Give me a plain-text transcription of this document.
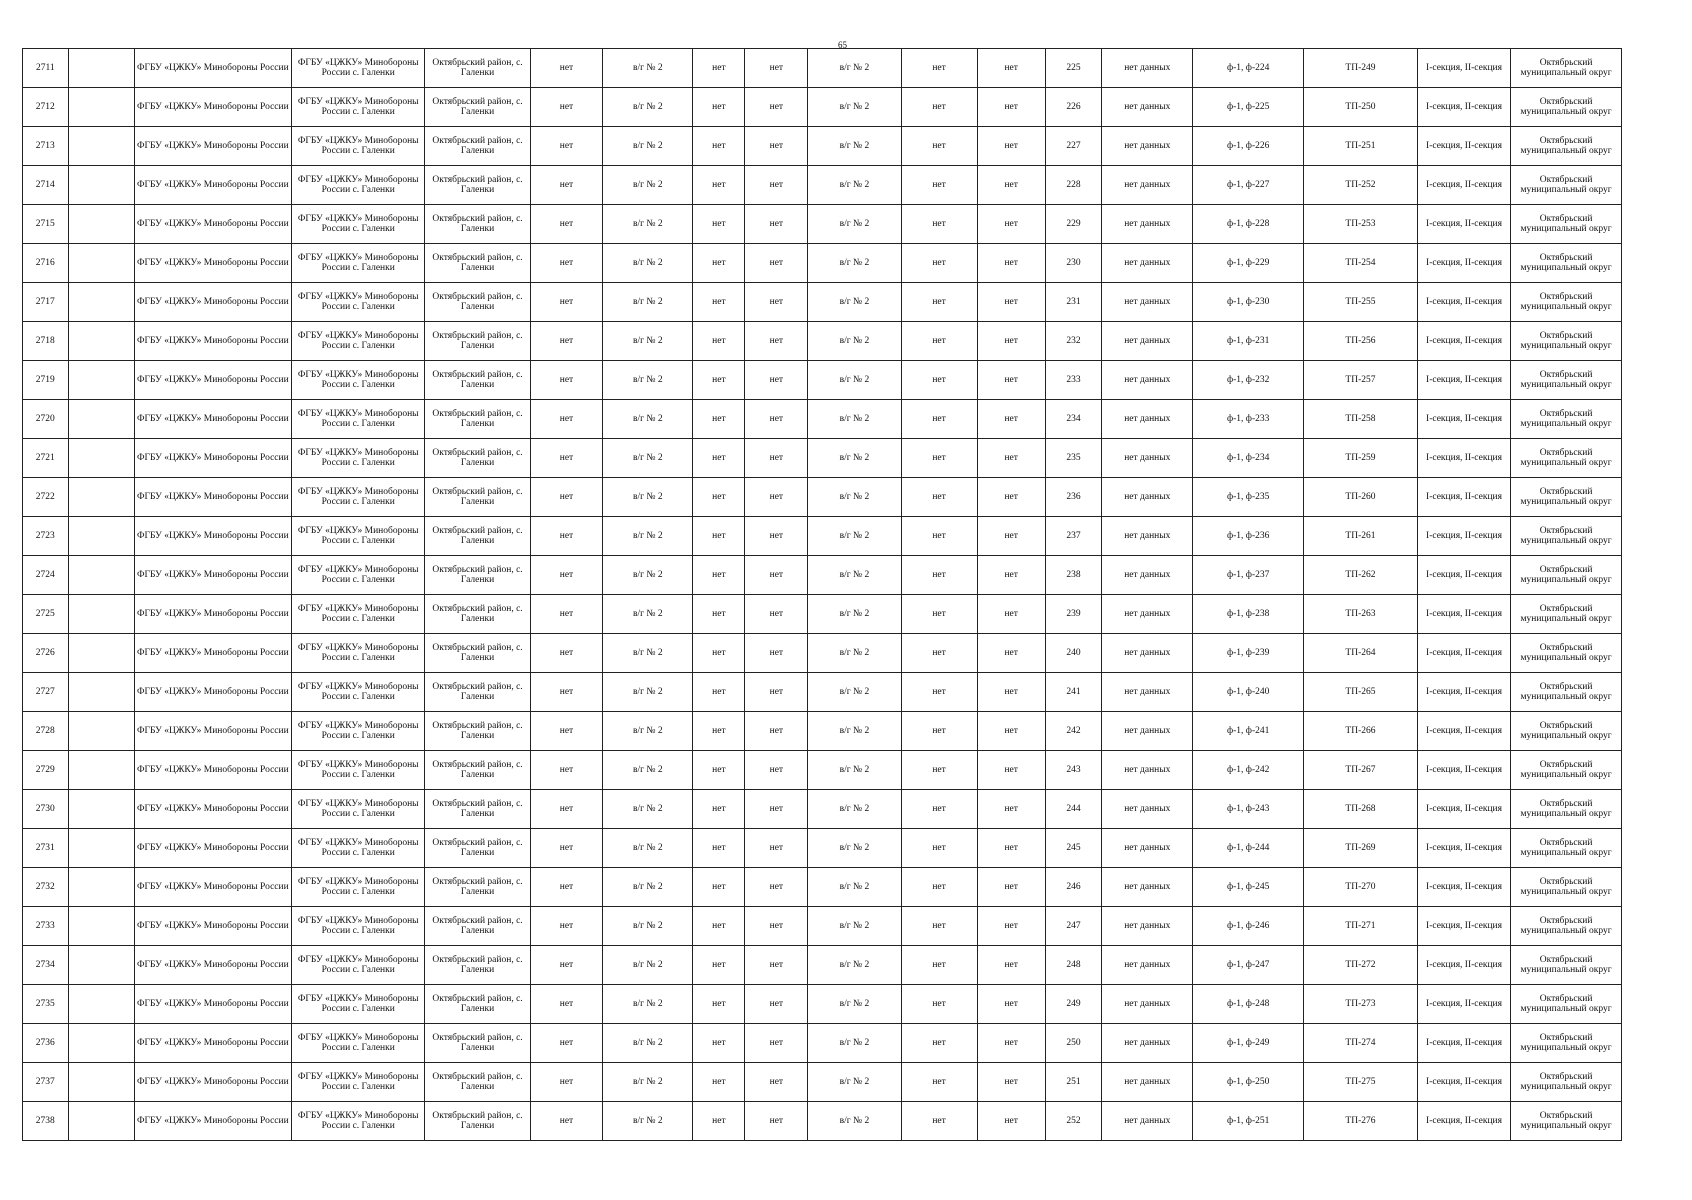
65
2711		ФГБУ «ЦЖКУ» Минобороны России	ФГБУ «ЦЖКУ» Минобороны России с. Галенки	Октябрьский район, с. Галенки	нет	в/г № 2	нет	нет	в/г № 2	нет	нет	225	нет данных	ф-1, ф-224	ТП-249	I-секция, II-секция	Октябрьский муниципальный округ
2712		ФГБУ «ЦЖКУ» Минобороны России	ФГБУ «ЦЖКУ» Минобороны России с. Галенки	Октябрьский район, с. Галенки	нет	в/г № 2	нет	нет	в/г № 2	нет	нет	226	нет данных	ф-1, ф-225	ТП-250	I-секция, II-секция	Октябрьский муниципальный округ
2713		ФГБУ «ЦЖКУ» Минобороны России	ФГБУ «ЦЖКУ» Минобороны России с. Галенки	Октябрьский район, с. Галенки	нет	в/г № 2	нет	нет	в/г № 2	нет	нет	227	нет данных	ф-1, ф-226	ТП-251	I-секция, II-секция	Октябрьский муниципальный округ
2714		ФГБУ «ЦЖКУ» Минобороны России	ФГБУ «ЦЖКУ» Минобороны России с. Галенки	Октябрьский район, с. Галенки	нет	в/г № 2	нет	нет	в/г № 2	нет	нет	228	нет данных	ф-1, ф-227	ТП-252	I-секция, II-секция	Октябрьский муниципальный округ
2715		ФГБУ «ЦЖКУ» Минобороны России	ФГБУ «ЦЖКУ» Минобороны России с. Галенки	Октябрьский район, с. Галенки	нет	в/г № 2	нет	нет	в/г № 2	нет	нет	229	нет данных	ф-1, ф-228	ТП-253	I-секция, II-секция	Октябрьский муниципальный округ
2716		ФГБУ «ЦЖКУ» Минобороны России	ФГБУ «ЦЖКУ» Минобороны России с. Галенки	Октябрьский район, с. Галенки	нет	в/г № 2	нет	нет	в/г № 2	нет	нет	230	нет данных	ф-1, ф-229	ТП-254	I-секция, II-секция	Октябрьский муниципальный округ
2717		ФГБУ «ЦЖКУ» Минобороны России	ФГБУ «ЦЖКУ» Минобороны России с. Галенки	Октябрьский район, с. Галенки	нет	в/г № 2	нет	нет	в/г № 2	нет	нет	231	нет данных	ф-1, ф-230	ТП-255	I-секция, II-секция	Октябрьский муниципальный округ
2718		ФГБУ «ЦЖКУ» Минобороны России	ФГБУ «ЦЖКУ» Минобороны России с. Галенки	Октябрьский район, с. Галенки	нет	в/г № 2	нет	нет	в/г № 2	нет	нет	232	нет данных	ф-1, ф-231	ТП-256	I-секция, II-секция	Октябрьский муниципальный округ
2719		ФГБУ «ЦЖКУ» Минобороны России	ФГБУ «ЦЖКУ» Минобороны России с. Галенки	Октябрьский район, с. Галенки	нет	в/г № 2	нет	нет	в/г № 2	нет	нет	233	нет данных	ф-1, ф-232	ТП-257	I-секция, II-секция	Октябрьский муниципальный округ
2720		ФГБУ «ЦЖКУ» Минобороны России	ФГБУ «ЦЖКУ» Минобороны России с. Галенки	Октябрьский район, с. Галенки	нет	в/г № 2	нет	нет	в/г № 2	нет	нет	234	нет данных	ф-1, ф-233	ТП-258	I-секция, II-секция	Октябрьский муниципальный округ
2721		ФГБУ «ЦЖКУ» Минобороны России	ФГБУ «ЦЖКУ» Минобороны России с. Галенки	Октябрьский район, с. Галенки	нет	в/г № 2	нет	нет	в/г № 2	нет	нет	235	нет данных	ф-1, ф-234	ТП-259	I-секция, II-секция	Октябрьский муниципальный округ
2722		ФГБУ «ЦЖКУ» Минобороны России	ФГБУ «ЦЖКУ» Минобороны России с. Галенки	Октябрьский район, с. Галенки	нет	в/г № 2	нет	нет	в/г № 2	нет	нет	236	нет данных	ф-1, ф-235	ТП-260	I-секция, II-секция	Октябрьский муниципальный округ
2723		ФГБУ «ЦЖКУ» Минобороны России	ФГБУ «ЦЖКУ» Минобороны России с. Галенки	Октябрьский район, с. Галенки	нет	в/г № 2	нет	нет	в/г № 2	нет	нет	237	нет данных	ф-1, ф-236	ТП-261	I-секция, II-секция	Октябрьский муниципальный округ
2724		ФГБУ «ЦЖКУ» Минобороны России	ФГБУ «ЦЖКУ» Минобороны России с. Галенки	Октябрьский район, с. Галенки	нет	в/г № 2	нет	нет	в/г № 2	нет	нет	238	нет данных	ф-1, ф-237	ТП-262	I-секция, II-секция	Октябрьский муниципальный округ
2725		ФГБУ «ЦЖКУ» Минобороны России	ФГБУ «ЦЖКУ» Минобороны России с. Галенки	Октябрьский район, с. Галенки	нет	в/г № 2	нет	нет	в/г № 2	нет	нет	239	нет данных	ф-1, ф-238	ТП-263	I-секция, II-секция	Октябрьский муниципальный округ
2726		ФГБУ «ЦЖКУ» Минобороны России	ФГБУ «ЦЖКУ» Минобороны России с. Галенки	Октябрьский район, с. Галенки	нет	в/г № 2	нет	нет	в/г № 2	нет	нет	240	нет данных	ф-1, ф-239	ТП-264	I-секция, II-секция	Октябрьский муниципальный округ
2727		ФГБУ «ЦЖКУ» Минобороны России	ФГБУ «ЦЖКУ» Минобороны России с. Галенки	Октябрьский район, с. Галенки	нет	в/г № 2	нет	нет	в/г № 2	нет	нет	241	нет данных	ф-1, ф-240	ТП-265	I-секция, II-секция	Октябрьский муниципальный округ
2728		ФГБУ «ЦЖКУ» Минобороны России	ФГБУ «ЦЖКУ» Минобороны России с. Галенки	Октябрьский район, с. Галенки	нет	в/г № 2	нет	нет	в/г № 2	нет	нет	242	нет данных	ф-1, ф-241	ТП-266	I-секция, II-секция	Октябрьский муниципальный округ
2729		ФГБУ «ЦЖКУ» Минобороны России	ФГБУ «ЦЖКУ» Минобороны России с. Галенки	Октябрьский район, с. Галенки	нет	в/г № 2	нет	нет	в/г № 2	нет	нет	243	нет данных	ф-1, ф-242	ТП-267	I-секция, II-секция	Октябрьский муниципальный округ
2730		ФГБУ «ЦЖКУ» Минобороны России	ФГБУ «ЦЖКУ» Минобороны России с. Галенки	Октябрьский район, с. Галенки	нет	в/г № 2	нет	нет	в/г № 2	нет	нет	244	нет данных	ф-1, ф-243	ТП-268	I-секция, II-секция	Октябрьский муниципальный округ
2731		ФГБУ «ЦЖКУ» Минобороны России	ФГБУ «ЦЖКУ» Минобороны России с. Галенки	Октябрьский район, с. Галенки	нет	в/г № 2	нет	нет	в/г № 2	нет	нет	245	нет данных	ф-1, ф-244	ТП-269	I-секция, II-секция	Октябрьский муниципальный округ
2732		ФГБУ «ЦЖКУ» Минобороны России	ФГБУ «ЦЖКУ» Минобороны России с. Галенки	Октябрьский район, с. Галенки	нет	в/г № 2	нет	нет	в/г № 2	нет	нет	246	нет данных	ф-1, ф-245	ТП-270	I-секция, II-секция	Октябрьский муниципальный округ
2733		ФГБУ «ЦЖКУ» Минобороны России	ФГБУ «ЦЖКУ» Минобороны России с. Галенки	Октябрьский район, с. Галенки	нет	в/г № 2	нет	нет	в/г № 2	нет	нет	247	нет данных	ф-1, ф-246	ТП-271	I-секция, II-секция	Октябрьский муниципальный округ
2734		ФГБУ «ЦЖКУ» Минобороны России	ФГБУ «ЦЖКУ» Минобороны России с. Галенки	Октябрьский район, с. Галенки	нет	в/г № 2	нет	нет	в/г № 2	нет	нет	248	нет данных	ф-1, ф-247	ТП-272	I-секция, II-секция	Октябрьский муниципальный округ
2735		ФГБУ «ЦЖКУ» Минобороны России	ФГБУ «ЦЖКУ» Минобороны России с. Галенки	Октябрьский район, с. Галенки	нет	в/г № 2	нет	нет	в/г № 2	нет	нет	249	нет данных	ф-1, ф-248	ТП-273	I-секция, II-секция	Октябрьский муниципальный округ
2736		ФГБУ «ЦЖКУ» Минобороны России	ФГБУ «ЦЖКУ» Минобороны России с. Галенки	Октябрьский район, с. Галенки	нет	в/г № 2	нет	нет	в/г № 2	нет	нет	250	нет данных	ф-1, ф-249	ТП-274	I-секция, II-секция	Октябрьский муниципальный округ
2737		ФГБУ «ЦЖКУ» Минобороны России	ФГБУ «ЦЖКУ» Минобороны России с. Галенки	Октябрьский район, с. Галенки	нет	в/г № 2	нет	нет	в/г № 2	нет	нет	251	нет данных	ф-1, ф-250	ТП-275	I-секция, II-секция	Октябрьский муниципальный округ
2738		ФГБУ «ЦЖКУ» Минобороны России	ФГБУ «ЦЖКУ» Минобороны России с. Галенки	Октябрьский район, с. Галенки	нет	в/г № 2	нет	нет	в/г № 2	нет	нет	252	нет данных	ф-1, ф-251	ТП-276	I-секция, II-секция	Октябрьский муниципальный округ
